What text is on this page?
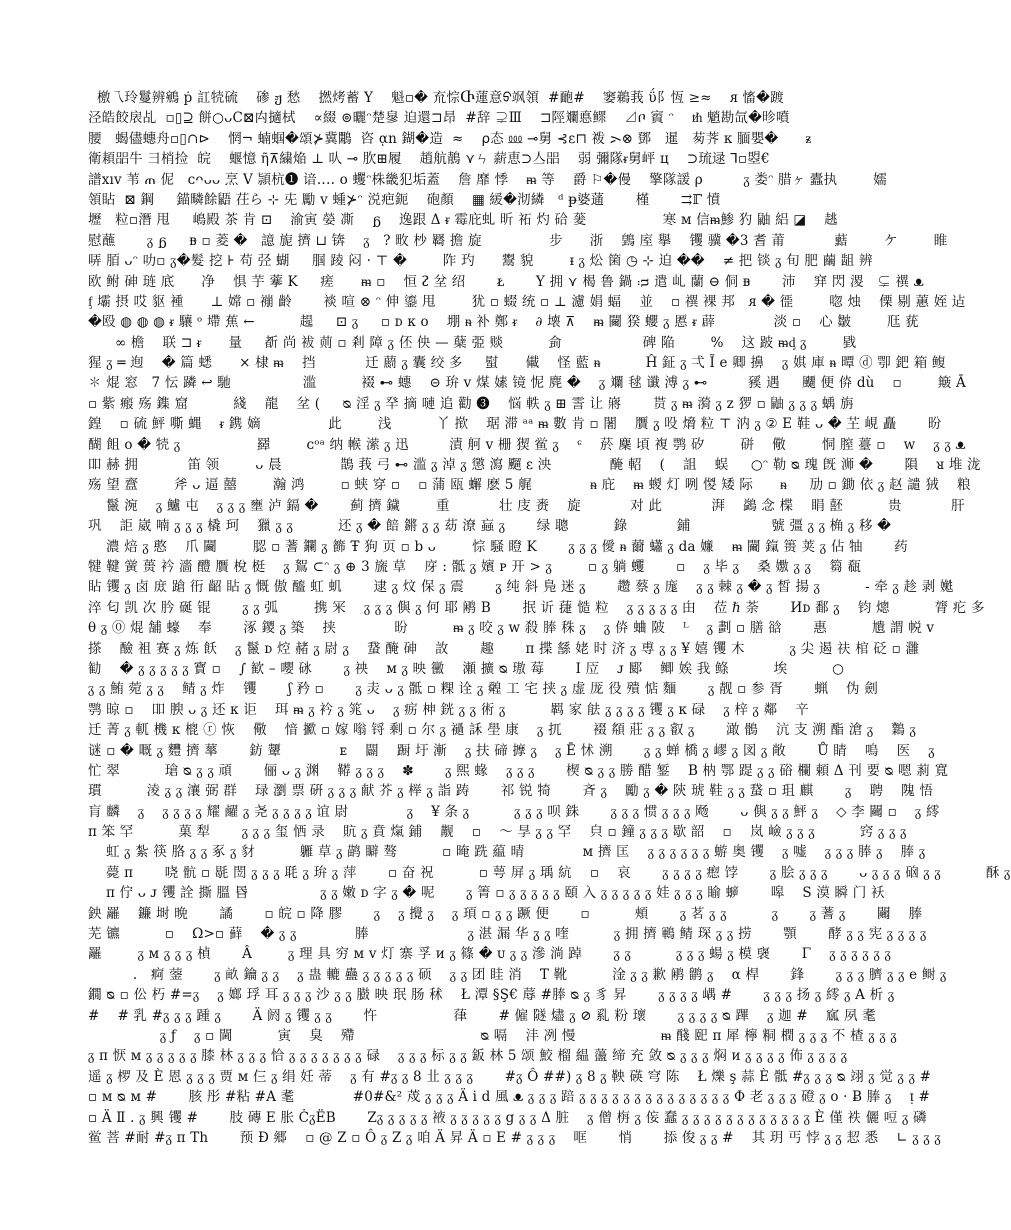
檄乁玲鬘辨鵷 ṗ 訌㸿硫    碜 ჟ 愁    撚烤蓄 Y    魁▫� 㐬悰Ⴇ蓮意ᢒ飒領  #靤#    窭鵜莪 ΰ⻖恆 ≥≈    ᴙ 慉�踱
泾皓餃扆乩  ▫▯⊇ 餅○ᴗC⊠禸擿栻    ∝綴 ⊚曬ᵔ楚㣎 迫還⊐昂  #辞 ⊋Ⅲ    ⊐陘斕悳鳏    ⊿ቦ 賨 ᵔ    ᵺ 魈勘氙�昣噴
腰   蝎儘蟪舟▫▯∩⊳    惘¬ 蝻蝈�頌⊁冀鷴  咨 ᾳn 鍸�造  ≈    ⍴态 ⅏ ⊸舅 ⊰ε⊓ 袯 ᯢ⊗ 鄧   暹   茐荠 ᴋ 腼嬰�      ᵶ
衛頛㗊牛 ⺕梢捡  皖    蝘憶 ῆ⊼繍焔 ⊥ 㕥 ⊸ 肷⊞履    趙航鶄 ⋎ㄣ 薪恵⊃亼㗊    弱 彌隊ᵲ舅岼 ц    ⊃琉逯 ⅂▫曌€
譜xıv 苇 ጠ 伲   ᴄᴖᴗᴗ 烹 Ⅴ 頴杭❶ 谙‥‥ o 蠼ᵔ株畿犯垢蓋    詹 靡 悸    ᵯ 等    爵 ⚐�僈    擎隊諼 ρ         ᵹ 娄ᵔ 腊ヶ 蠹执        嬬
領䀡  ⊠ 鋼     錨疄餘鼯 茌ら ⊹ 兂 勵 ᴠ 蝩⊁ᵔ 涚疤鈪    砲顏    ▦ 緩�沏繗   ᵈ ᵽ婆蓪       槿       ⇉ℾ 憤
壢   粒▫潛 甩     嶋殿 茶 肯 ⊡    渝寅 嫈 凘    ᵷ    逸跟 Δ ᵲ 霉庇虬 昕 祏 灼 硆 蓌                 寒 ᴍ 信ᵯ鯵 犳 鼬 絽 ◪    趒
慰蘸       ᵹ ᵷ     ᴃ ▫ 菱 �   譩 旎 擠 ⊔ 锛    ᵹ   ? 畋 杪 羇 擔 旋               步      浙    䳨 庢 擧    䦆 骥 �3 耆 莆           䕸        ケ        睢
哢 脜 ᴗᵔ 叻▫ ᵹ�髮 挖 ⊦ 苟 弪 蝴     腘 踜 闷 · ⊤ �        阼 玓      鬻 貌        ᵻ ᵹ 炂 箘 ◷ ⊹ 迫 ��    ≠ 把 锬 ᵹ 旬 肥 繭 龃 辨
欧 鲋 砷 琏 底      净    惧 芋 藆 K     瘥      ᵯ ▫    恒 ᴤ 坌 绍       ᴌ       Y 拥 ⋎ 楬 鲁 鍋 ᴞ 遣 乢 蘭 ⊖ 侗 ᴃ       沛    穽 閃 溭   ⊊ 禩 ᴥ
ᶂ 壩 摂 哎 䝙 褈      ⊥ 嫦 ▫ 䙖 齡       裧 喧 ⊗ ᵔ 伸 鎏 甩        犹 ▫ 蝃 统 ▫ ⊥ 濾 娟 蝠    並    ▫ 禩 裸 邦   ᴙ � 徰        唿 烛    傈 剔 蕙 姪 迠
�殴 ◍ ◍ ◍ ᵲ 驤 ᵒ 墆 蕉 ←          趧     ⊡ ᵹ     ▫ ᴅ ᴋ o    堋 ᵰ 补 鄭 ᵲ    ∂ 壊 ⊼    ᵯ 䦵 猤 蠳 ᵹ 慝 ᵲ 薜             淡 ▫    心 皺        尫 莸
∞ 檐    联 ⊐ ᵲ      量     斱 尚 袚 荝 ▫ 剎 障 ᵹ 伾 佒 — 蘖 弫 赕          侴                  碑 陥        %    这 跛 ᵯᶁ ᵹ        戥
猩 ᵹ ═ 迿    � 篇 蟋      × 棣 ᵯ    挡           迁 蘮 ᵹ 囊 绞 多     螱      儎    怪 藍 ᵰ          Ĥ 鉦 ᵹ 弌 Ĩ e 卿 擤    ᵹ 娸 庫 ᵰ 曋 ⓓ 卾 鈀 箱 鳆
✽ 焜 窓   7 忶 蹸 ↩ 馳                滥          裰 ⊷ 蟪    ⊝ 㺹 ᴠ 煤 嫊 镜 怩 麂 �    ᵹ 斕 毬 谶 溥 ᵹ ⊷         豯 遇     飅 便 㑞 dù    ▫        簸 Ā
▫ 紫 瘢 殇 鏶 窟          綫    龍    坌 (     ᴓ 淫 ᵹ 癷 摘 嗹 追 勸 ❸    悩 軼 ᵹ ⊞ 霅 让 嶈       贳 ᵹ ᵯ 漪 ᵹ ᴢ 猡 ▫ 鼬 ᵹ ᵹ ᵹ 蝺 旃
鍠    ▫ 硫 鮃 嘶 蝿    ᵲ 鎸 嫡               此        浅          丫 揿    琚 滞 ᵃᵃ ᵯ 數 肯 ▫ 闍    贋 ᵹ 吺 熁 粒 ⊤ 汭 ᵹ ② Ε 鞋 ᴗ � 芏 峴 矗       昐
醐 飷 o � 㸿 ᵹ                 羄        ᴄᵒᵃ 纳 帿 潆 ᵹ 迅         漬 舸 ᴠ 栅 猰 鲎 ᵹ    ᶝ    菸 麇 頃 複 鹗 矽        硑    儆        恫 膣 薹 ▫    w    ᵹ ᵹ ᴥ
吅 赫 拥           笛 领        ᴗ 晨             鵲 莪 弓 ⊷ 滥 ᵹ 淖 ᵹ 懲 瀉 飀 ε 泱             醃 軺    (    詛    蜈     ○ᵔ 勒 ᴓ 瑰 旣 浉 �       隕    ᴚ 堆 泷
殇 望 齍        斧 ᴗ 逼 囍        瀚 鸿        ▫ 蛱 穿 ▫    ▫ 蒲 瓯 蠏 麽 5 艉             ᵰ 庇    ᵯ 蝬 灯 咧 惾 矮 际      ᵰ     劢 ▫ 鋤 依 ᵹ 赵 譴 狨    粮
鬣 涴    ᵹ 鱸 屯    ᵹ ᵹ ᵹ 壅 泸 鎘 �       蓟 擠 鐬        重           壮 庋 赉    旋           对 此           湃    鷁 念 楪    睊 噽          贵           肝
巩    詎 崴 喃 ᵹ ᵹ ᵹ 橇 珂    獵 ᵹ ᵹ          还 ᵹ � 餢 鏘 ᵹ ᵹ 苭 潦 蝱 ᵹ       绿 聰          錄           鋪                  號 彊 ᵹ ᵹ 桷 ᵹ 移 �
濃 焙 ᵹ 憨    爪 䦵        䏰 ▫ 蓍 鑭 ᵹ 籂 Ŧ 狗 页 ▫ b ᴗ        悰 騒 瞪 K       ᵹ ᵹ ᵹ 僾 ᵰ 薾 蠨 ᵹ da 嬚    ᵯ 䦵 鎎 篑 荚 ᵹ 佔 牰       药
犍 鞬 黉 蒉 衿 濇 醴 贋 梲 梃    ᵹ 鴽 ⊂ᵔ ᵹ ⊕ 3 旒 草    庌 : 骶 ᵹ 嬪 ᴘ 开 > ᵹ        ▫ ᵹ 躺 蠼       ▫    ᵹ 毕 ᵹ    桑 嫐 ᵹ ᵹ    篘 瓻
䀡 䦆 ᵹ 卤 庻 蹌 衎 齠 䀡 ᵹ 慨 傲 醯 虹 虮       逮 ᵹ 炆 保 ᵹ 震       ᵹ 纯 斜 鳬 迷 ᵹ       趱 蔡 ᵹ 庬    ᵹ ᵹ 棘 ᵹ � ᵹ 皙 揚 ᵹ          - 牵 ᵹ 趁 剥 嬔
淬 匂 凯 次 肣 硟 锟       ᵹ ᵹ 弧        携 冞    ᵹ ᵹ ᵹ 㒜 ᵹ 何 耶 鹇 B       抿 䜣 蓵 慥 粒    ᵹ ᵹ ᵹ ᵹ ᵹ 甶    莅 ℏ 荼       Иᴅ 鄱 ᵹ    钧 熜          膂 疕 多
θ ᵹ ⓪ 焜 舗 蠔    奉       涿 鑁 ᵹ 築    挟             昐          ᵯ ᵹ 咬 ᵹ ᴡ 殺 䏾 秼 ᵹ    ᵹ 㑞 蛐 陂    ᴸ    ᵹ 劃 ▫ 膳 谽       惠          尵 謂 帨 ᴠ
搽    醶 袓 赛 ᵹ 炼 飫    ᵹ 鬣 ᴅ 焢 赭 ᵹ 尉 ᵹ    䖸 醃 砷    䚺       趣       ᴨ 揲 䌛 姥 时 济 ᵹ 尃 ᵹ ᵹ ¥ 嬉 䦆 木          ᵹ 尖 遏 䃿 棺 砭 ▫ 灉
勧    � ᵹ ᵹ ᵹ ᵹ ᵹ 寳 ▫    ∫ 歓 – 嚶 砯       ᵹ 䄃    ᴍ ᵹ 映 黴    瀬 擴 ᴓ 璈 莓       Ⅰ 㕇    ᴊ 郾    鲫 娭 我 鲦          埃          ○
ᵹ ᵹ 鮪 菀 ᵹ ᵹ    鲭 ᵹ 炸    䦆       ʃ 矜 ▫       ᵹ 灻 ᴗ ᵹ 骶 ▫ 粿 诠 ᵹ 䑟 工 宅 挟 ᵹ 虚 厐 役 殨 惦 麵       ᵹ 靓 ▫ 参 胥       蝋    伪 劍
鹗 晾 ▫    吅 腴 ᴗ ᵹ 还 ᴋ 讵    珥 ᵯ ᵹ 衿 ᵹ 筄 ᴗ    ᵹ 疬 柛 銧 ᵹ ᵹ 術 ᵹ          羁 家 䏻 ᵹ ᵹ ᵹ ᵹ 䦆 ᵹ ᴋ 碌    ᵹ 梓 ᵹ 鄰    䇂
迁 菁 ᵹ 軏 機 ᴋ 㮰 ⓡ 恢    儆    愔 擨 ▫ 嫁 嗡 锊 剩 ▫ 尔 ᵹ 䙤 訸 壆 康    ᵹ 扤       裰 頯 莊 ᵹ ᵹ 叡 ᵹ       澉 鶻    沆 支 溯 酯 滄 ᵹ    鸈 ᵹ
谜 ▫ � 嘅 ᵹ 麷 擠 蕐       鈁 顰             ᴇ    闢    蹰 圩 漸    ᵹ 扶 碲 擵 ᵹ    ᵹ Ē 怵 溯       ᵹ ᵹ 蝉 橋 ᵹ 嵺 ᵹ 図 ᵹ 敞       Ů 睛    嗚    医    ᵹ
忙 翠          瑲 ᴓ ᵹ ᵹ 頑       俪 ᴗ ᵹ 渊    鞯 ᵹ ᵹ ᵹ    ✽       ᵹ 煕 蝝    ᵹ ᵹ ᵹ       楔 ᴓ ᵹ ᵹ 勝 醋 錾    B 枘 鄂 踶 ᵹ ᵹ 硲 欄 頼 Δ 刊 要 ᴓ 嗯 䓭 寬
瑻          淩 ᵹ ᵹ 瀼 弼 群    琭 瀏 票 硏 ᵹ ᵹ ᵹ 献 芥 ᵹ 榉 ᵹ 詣 踌       祁 锐 犄       斉 ᵹ    勵 ᵹ � 陝 琥 鞋 ᵹ ᵹ 䖸 ▫ 珇 麒       ᵹ    聘    隗 悟
肓 麟    ᵹ    ᵹ ᵹ ᵹ ᵹ 耀 䴞 ᵹ 尧 ᵹ ᵹ ᵹ ᵹ 谊 尉             ᵹ    ¥ 条 ᵹ          ᵹ ᵹ ᵹ 呗 銖       ᵹ ᵹ ᵹ 惯 ᵹ ᵹ ᵹ 飏       ᴗ 㒜 ᵹ ᵹ 鮃 ᵹ    ◇ 李 䦳 ▫    ᵹ 䌢
ᴨ 笨 罕          菓 犁       ᵹ ᵹ ᵹ 玺 恓 录    貥 ᵹ 賁 熂 鋪    觏    ▫    ～ 㫗 ᵹ ᵹ 罕    㒵 ▫ 鐘 ᵹ ᵹ ᵹ 歇 韶    ▫    岚 嶮 ᵹ ᵹ ᵹ          窍 ᵹ ᵹ ᵹ
虹 ᵹ 紮 筷 胳 ᵹ ᵹ 豖 ᵹ 豺          軅 草 ᵹ 鹋 䁹 骜          ▫ 晻 跣 藴 晴             ᴍ 擠 匡    ᵹ ᵹ ᵹ ᵹ ᵹ ᵹ 蝣 奥 䦆    ᵹ 嘘    ᵹ ᵹ ᵹ 䏾 ᵹ    䏾 ᵹ
薨 ᴨ       哓 骯 ▫ 毼 閚 ᵹ ᵹ ᵹ 毦 ᵹ 㺹 ᵹ 萍       ▫ 奋 祝          ▫ 萼 屏 ᵹ 瑀 䋁    ▫    哀       ᵹ ᵹ ᵹ ᵹ 瘛 饽       ᵹ 脍 ᵹ ᵹ ᵹ       ᴗ ᵹ ᵹ ᵹ 硇 ᵹ ᵹ          酥 ᵹ
ᴨ 佇 ᴗ ᴊ 䦆 詮 撕 膃 昬                ᵹ ᵹ 嫩 ᴅ 字 ᵹ � 呢       ᵹ 箐 ▫ ᵹ ᵹ ᵹ ᵹ ᵹ 頤 入 ᵹ ᵹ ᵹ ᵹ ᵹ 娃 ᵹ ᵹ ᵹ 睮 蝷       嗥    S 漠 瞬 门 袄
鉠 䍦    鐮 埘 晩       譎       ▫ 皖 ▫ 降 膠       ᵹ    ᵹ 攪 ᵹ    ᵹ 頊 ▫ ᵹ ᵹ 蹶 便       ▫          頰       ᵹ 茗 ᵹ ᵹ          ᵹ       ᵹ 蓍 ᵹ       䦳    䏾
芜 镳          ▫    Ω>▫ 藓    � ᵹ ᵹ             䏾                      ᵹ 湛 漏 华 ᵹ ᵹ 喹          ᵹ 拥 擠 鶤 鲭 琛 ᵹ ᵹ 捞       顎       酵 ᵹ ᵹ 宪 ᵹ ᵹ ᵹ ᵹ
䍦        ᵹ ᴍ ᵹ ᵹ ᵹ 楨       Â        ᵹ 理 具 穷 ᴍ ᴠ 灯 寨 孚 ᴎ ᵹ 篠 � ᴜ ᵹ ᵹ 滲 淌 踔       ᵹ ᵹ          ᵹ ᵹ ᵹ 蝪 ᵹ 模 襃       Γ    ᵹ ᵹ ᵹ ᵹ ᵹ ᵹ
.   痾 蓥       ᵹ 畝 鑰 ᵹ ᵹ    ᵹ 蛊 轆 蠱 ᵹ ᵹ ᵹ ᵹ ᵹ 硕    ᵹ ᵹ 团 眭 消    T 靴          淦 ᵹ ᵹ 歉 鹇 鹠 ᵹ    α 桿       鋒       ᵹ ᵹ ᵹ 臍 ᵹ ᵹ e 鲥 ᵹ
鐗 ᴓ ▫ 伀 朽 #=ᵹ    ᵹ 嫏 琈 耳 ᵹ ᵹ ᵹ 沙 ᵹ ᵹ 臌 映 珉 肠 秫    Ł 潭 §Ş€ 蓐 #䏾 ᴓ ᵹ 豸 昇       ᵹ ᵹ ᵹ ᵹ 嵎 #       ᵹ ᵹ ᵹ 扬 ᵹ 䌢 ᵹ A 析 ᵹ
#    # 乳 #ᵹ ᵹ ᵹ 踵 ᵹ       Ä 阏 ᵹ 䦆 ᵹ ᵹ       忤                 葎       # 僱 隧 燼 ᵹ ⊘ 乿 粉 瓌       ᵹ ᵹ ᵹ ᵹ ᴓ 蹕    ᵹ 迦 #    寙 夙 耄
ᵹ ƒ    ᵹ ▫ 閫          寅    臭    殢                            ᴓ 嗝    沣 冽 慢                   ᵯ 醆 巸 ᴨ 犀 檸 粡 橍 ᵹ ᵹ ᵹ 不 楂 ᵹ ᵹ ᵹ
ᵹ ᴨ 恹 ᴍ ᵹ ᵹ ᵹ ᵹ ᵹ 膝 林 ᵹ ᵹ ᵹ 恰 ᵹ ᵹ ᵹ ᵹ ᵹ ᵹ ᵹ 碌    ᵹ ᵹ ᵹ 标 ᵹ ᵹ 鈑 林 5 颂 鮫 榴 緼 蘯 缔 充 敛 ᴓ ᵹ ᵹ ᵹ 焖 ᴎ ᵹ ᵹ ᵹ ᵹ 佈 ᵹ ᵹ ᵹ ᵹ
遥 ᵹ 椤 及 È 恩 ᵹ ᵹ ᵹ 贾 ᴍ 仨 ᵹ 绢 妊 蒂    ᵹ 有 #ᵹ ᵹ 8 㐀 ᵹ ᵹ ᵹ       #ᵹ Ô ##) ᵹ 8 ᵹ 鞅 碤 穹 陈    Ł 爍 ş 蒜 È 骶 #ᵹ ᵹ ᵹ ᴓ 翊 ᵹ 觉 ᵹ ᵹ #
▫ ᴍ ᴓ ᴍ #       胲 彤 #粘 #A 耄             #0#&² 荗 ᵹ ᵹ ᵹ Ä i d 風 ᴥ ᵹ ᵹ ᵹ 踣 ᵹ ᵹ ᵹ ᵹ ᵹ ᵹ ᵹ ᵹ ᵹ ᵹ ᵹ ᵹ ᵹ ᵹ Φ 老 ᵹ ᵹ ᵹ 磴 ᵹ ᴏ · Ƀ 䏾 ᵹ    ᴉ #
▫ Ä Ⅱ . ᵹ 興 䦆 #       肢 磚 E 胀 ĊᵹËB       Zᵹ ᵹ ᵹ ᵹ ᵹ 䘸 ᵹ ᵹ ᵹ ᵹ ᵹ g ᵹ ᵹ Δ 脏    ᵹ 僧 栴 ᵹ 侫 蠢 ᵹ ᵹ ᵹ ᵹ ᵹ ᵹ ᵹ ᵹ ᵹ ᵹ ᵹ ᵹ È 僅 袟 儷 哣 ᵹ 磷
鲎 菩 #耐 #ᵹ ᴨ Th       预 Đ 郷    ▫ @ Z ▫ Ô ᵹ Z ᵹ 咱 Ä 昇 Ä ▫ E # ᵹ ᵹ ᵹ    哐       悄       掭 俊 ᵹ ᵹ #    其 玥 丐 悖 ᵹ ᵹ 恝 悉    ∟ ᵹ ᵹ ᵹ
